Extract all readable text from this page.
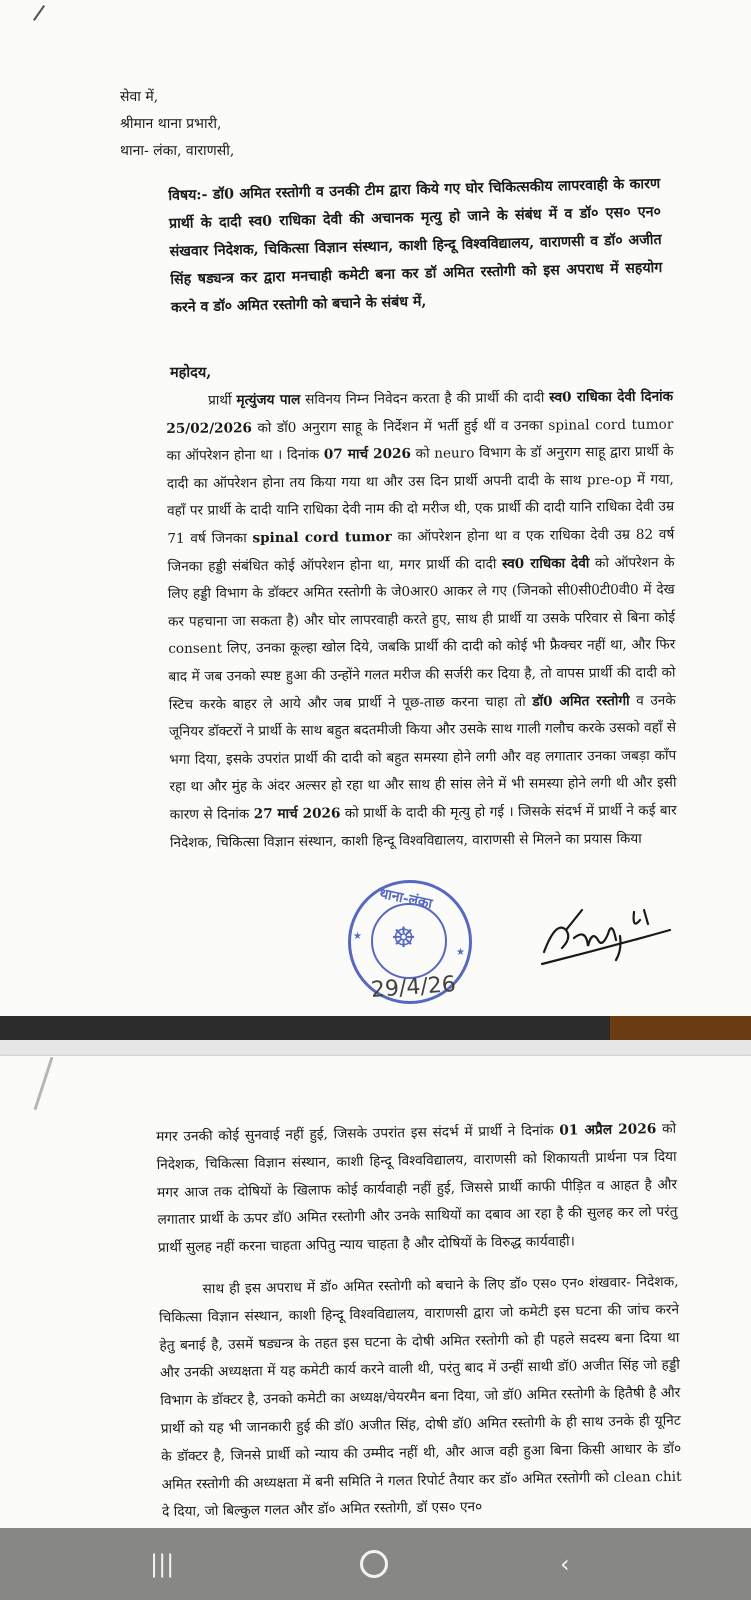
सेवा में,
श्रीमान थाना प्रभारी,
थाना- लंका, वाराणसी,
विषय:- डॉ0 अमित रस्तोगी व उनकी टीम द्वारा किये गए घोर चिकित्सकीय लापरवाही के कारण प्रार्थी के दादी स्व0 राधिका देवी की अचानक मृत्यु हो जाने के संबंध में व डॉ० एस० एन० संखवार निदेशक, चिकित्सा विज्ञान संस्थान, काशी हिन्दू विश्वविद्यालय, वाराणसी व डॉ० अजीत सिंह षड्यन्त्र कर द्वारा मनचाही कमेटी बना कर डॉ अमित रस्तोगी को इस अपराध में सहयोग करने व डॉ० अमित रस्तोगी को बचाने के संबंध में,
महोदय,
प्रार्थी मृत्युंजय पाल सविनय निम्न निवेदन करता है की प्रार्थी की दादी स्व0 राधिका देवी दिनांक 25/02/2026 को डॉ0 अनुराग साहू के निर्देशन में भर्ती हुई थीं व उनका spinal cord tumor का ऑपरेशन होना था । दिनांक 07 मार्च 2026 को neuro विभाग के डॉ अनुराग साहू द्वारा प्रार्थी के दादी का ऑपरेशन होना तय किया गया था और उस दिन प्रार्थी अपनी दादी के साथ pre-op में गया, वहाँ पर प्रार्थी के दादी यानि राधिका देवी नाम की दो मरीज थी, एक प्रार्थी की दादी यानि राधिका देवी उम्र 71 वर्ष जिनका spinal cord tumor का ऑपरेशन होना था व एक राधिका देवी उम्र 82 वर्ष जिनका हड्डी संबंधित कोई ऑपरेशन होना था, मगर प्रार्थी की दादी स्व0 राधिका देवी को ऑपरेशन के लिए हड्डी विभाग के डॉक्टर अमित रस्तोगी के जे0आर0 आकर ले गए (जिनको सी0सी0टी0वी0 में देख कर पहचाना जा सकता है) और घोर लापरवाही करते हुए, साथ ही प्रार्थी या उसके परिवार से बिना कोई consent लिए, उनका कूल्हा खोल दिये, जबकि प्रार्थी की दादी को कोई भी फ्रैक्चर नहीं था, और फिर बाद में जब उनको स्पष्ट हुआ की उन्होंने गलत मरीज की सर्जरी कर दिया है, तो वापस प्रार्थी की दादी को स्टिच करके बाहर ले आये और जब प्रार्थी ने पूछ-ताछ करना चाहा तो डॉ0 अमित रस्तोगी व उनके जूनियर डॉक्टरों ने प्रार्थी के साथ बहुत बदतमीजी किया और उसके साथ गाली गलौच करके उसको वहाँ से भगा दिया, इसके उपरांत प्रार्थी की दादी को बहुत समस्या होने लगी और वह लगातार उनका जबड़ा काँप रहा था और मुंह के अंदर अल्सर हो रहा था और साथ ही सांस लेने में भी समस्या होने लगी थी और इसी कारण से दिनांक 27 मार्च 2026 को प्रार्थी के दादी की मृत्यु हो गई । जिसके संदर्भ में प्रार्थी ने कई बार निदेशक, चिकित्सा विज्ञान संस्थान, काशी हिन्दू विश्वविद्यालय, वाराणसी से मिलने का प्रयास किया
थाना-लंका
☸
★
★
29/4/26
मगर उनकी कोई सुनवाई नहीं हुई, जिसके उपरांत इस संदर्भ में प्रार्थी ने दिनांक 01 अप्रैल 2026 को निदेशक, चिकित्सा विज्ञान संस्थान, काशी हिन्दू विश्वविद्यालय, वाराणसी को शिकायती प्रार्थना पत्र दिया मगर आज तक दोषियों के खिलाफ कोई कार्यवाही नहीं हुई, जिससे प्रार्थी काफी पीड़ित व आहत है और लगातार प्रार्थी के ऊपर डॉ0 अमित रस्तोगी और उनके साथियों का दबाव आ रहा है की सुलह कर लो परंतु प्रार्थी सुलह नहीं करना चाहता अपितु न्याय चाहता है और दोषियों के विरुद्ध कार्यवाही।
साथ ही इस अपराध में डॉ० अमित रस्तोगी को बचाने के लिए डॉ० एस० एन० शंखवार- निदेशक, चिकित्सा विज्ञान संस्थान, काशी हिन्दू विश्वविद्यालय, वाराणसी द्वारा जो कमेटी इस घटना की जांच करने हेतु बनाई है, उसमें षड्यन्त्र के तहत इस घटना के दोषी अमित रस्तोगी को ही पहले सदस्य बना दिया था और उनकी अध्यक्षता में यह कमेटी कार्य करने वाली थी, परंतु बाद में उन्हीं साथी डॉ0 अजीत सिंह जो हड्डी विभाग के डॉक्टर है, उनको कमेटी का अध्यक्ष/चेयरमैन बना दिया, जो डॉ0 अमित रस्तोगी के हितैषी है और प्रार्थी को यह भी जानकारी हुई की डॉ0 अजीत सिंह, दोषी डॉ0 अमित रस्तोगी के ही साथ उनके ही यूनिट के डॉक्टर है, जिनसे प्रार्थी को न्याय की उम्मीद नहीं थी, और आज वही हुआ बिना किसी आधार के डॉ० अमित रस्तोगी की अध्यक्षता में बनी समिति ने गलत रिपोर्ट तैयार कर डॉ० अमित रस्तोगी को clean chit दे दिया, जो बिल्कुल गलत और डॉ० अमित रस्तोगी, डॉ एस० एन०
|||	‹
